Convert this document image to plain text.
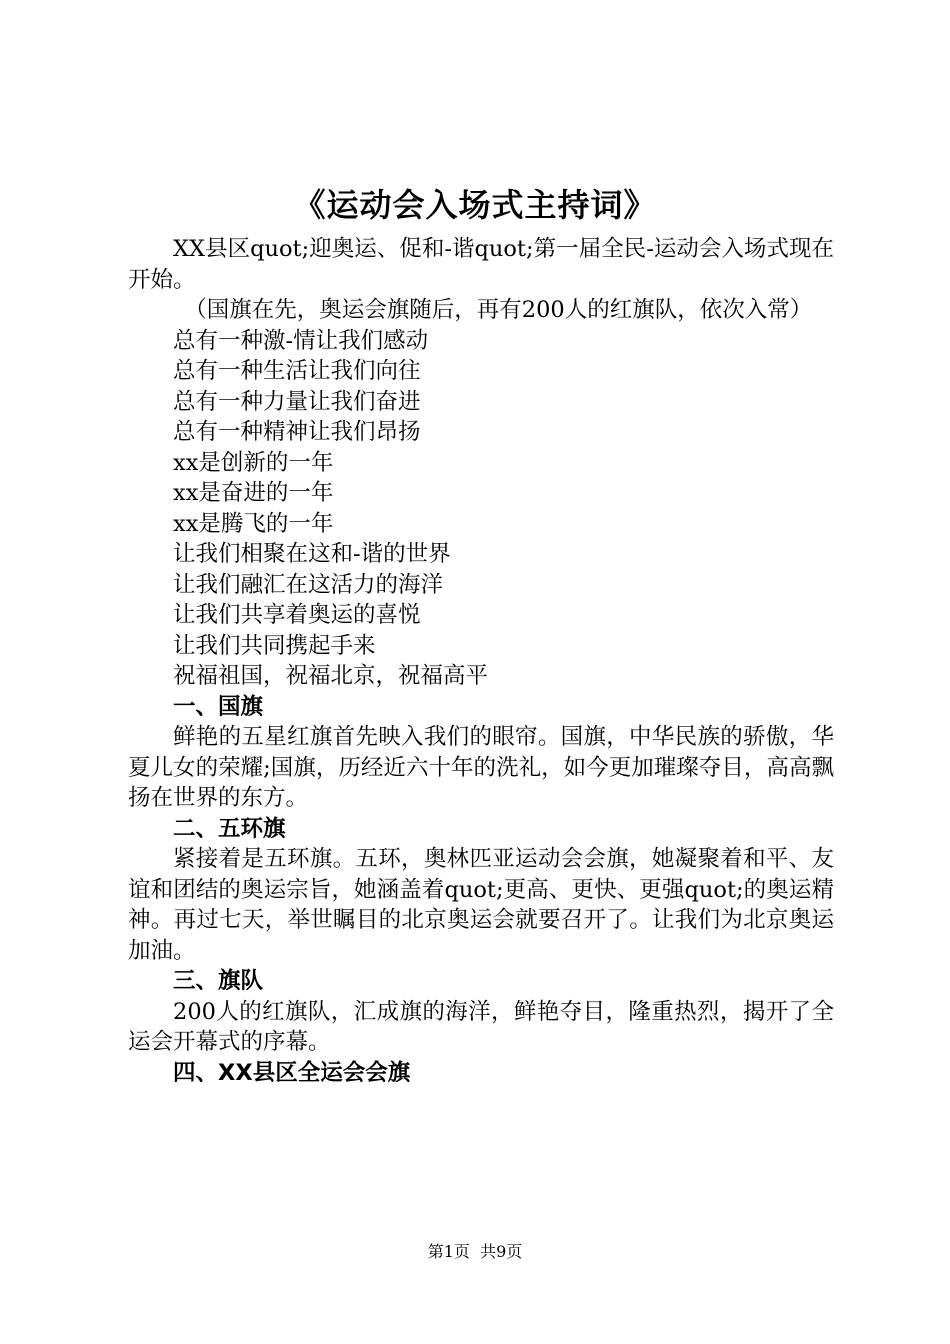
《运动会入场式主持词》

XX县区quot;迎奥运、促和-谐quot;第一届全民-运动会入场式现在开始。

（国旗在先，奥运会旗随后，再有200人的红旗队，依次入常）

总有一种激-情让我们感动

总有一种生活让我们向往

总有一种力量让我们奋进

总有一种精神让我们昂扬

xx是创新的一年

xx是奋进的一年

xx是腾飞的一年

让我们相聚在这和-谐的世界

让我们融汇在这活力的海洋

让我们共享着奥运的喜悦

让我们共同携起手来

祝福祖国，祝福北京，祝福高平

一、国旗

鲜艳的五星红旗首先映入我们的眼帘。国旗，中华民族的骄傲，华夏儿女的荣耀;国旗，历经近六十年的洗礼，如今更加璀璨夺目，高高飘扬在世界的东方。

二、五环旗

紧接着是五环旗。五环，奥林匹亚运动会会旗，她凝聚着和平、友谊和团结的奥运宗旨，她涵盖着quot;更高、更快、更强quot;的奥运精神。再过七天，举世瞩目的北京奥运会就要召开了。让我们为北京奥运加油。

三、旗队

200人的红旗队，汇成旗的海洋，鲜艳夺目，隆重热烈，揭开了全运会开幕式的序幕。

四、XX县区全运会会旗

第1页 共9页
